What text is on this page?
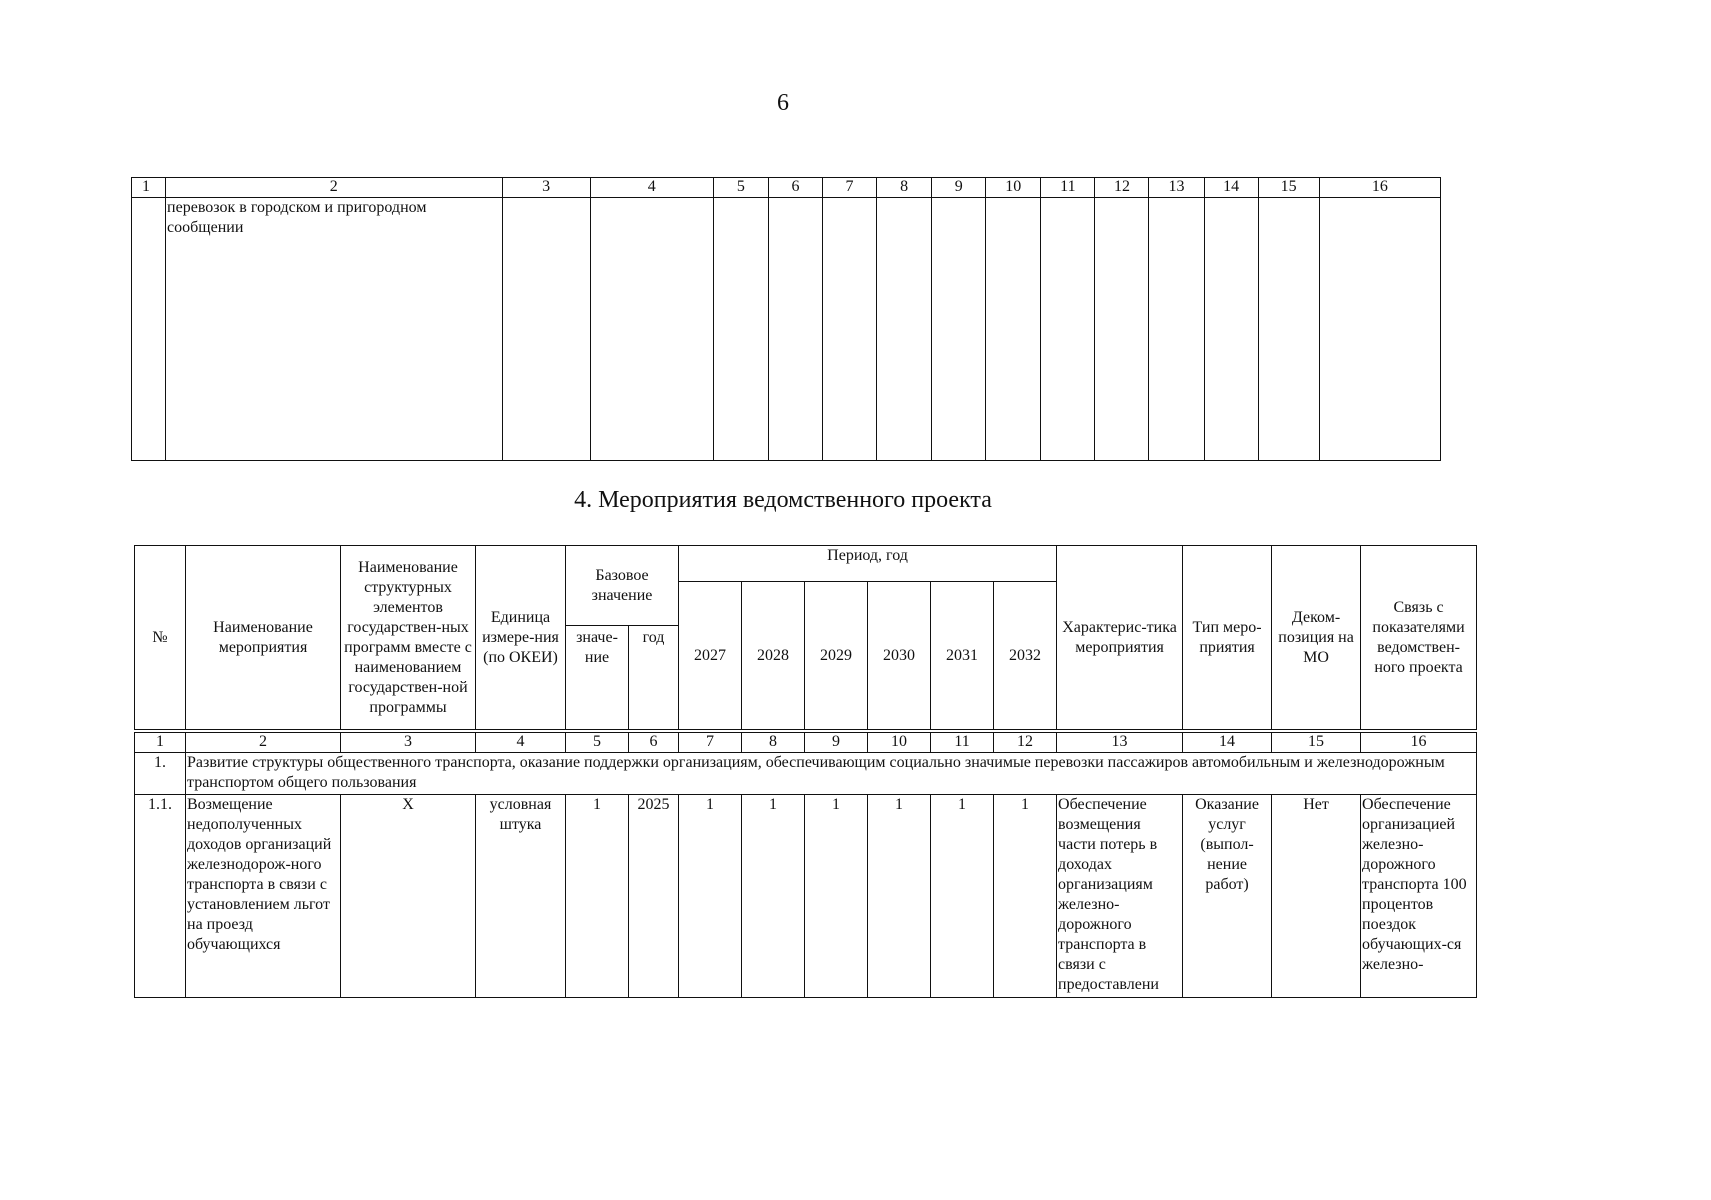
6
1	2	3	4	5	6	7	8	9	10	11	12	13	14	15	16
	перевозок в городском и пригородном сообщении														
4. Мероприятия ведомственного проекта
№	Наименование мероприятия	Наименование структурных элементов государствен-ных программ вместе с наименованием государствен-ной программы	Единица измере-ния (по ОКЕИ)	Базовое значение		Период, год						Характерис-тика мероприятия	Тип меро-приятия	Деком-позиция на МО	Связь с показателями ведомствен-ного проекта
						2027	2028	2029	2030	2031	2032				
				значе-ние	год										

1	2	3	4	5	6	7	8	9	10	11	12	13	14	15	16
1.	Развитие структуры общественного транспорта, оказание поддержки организациям, обеспечивающим социально значимые перевозки пассажиров автомобильным и железнодорожным транспортом общего пользования														
1.1.	Возмещение недополученных доходов организаций железнодорож-ного транспорта в связи с установлением льгот на проезд обучающихся	X	условная штука	1	2025	1	1	1	1	1	1	Обеспечение возмещения части потерь в доходах организациям железно-дорожного транспорта в связи с предоставлени	Оказание услуг (выпол-нение работ)	Нет	Обеспечение организацией железно-дорожного транспорта 100 процентов поездок обучающих-ся железно-
